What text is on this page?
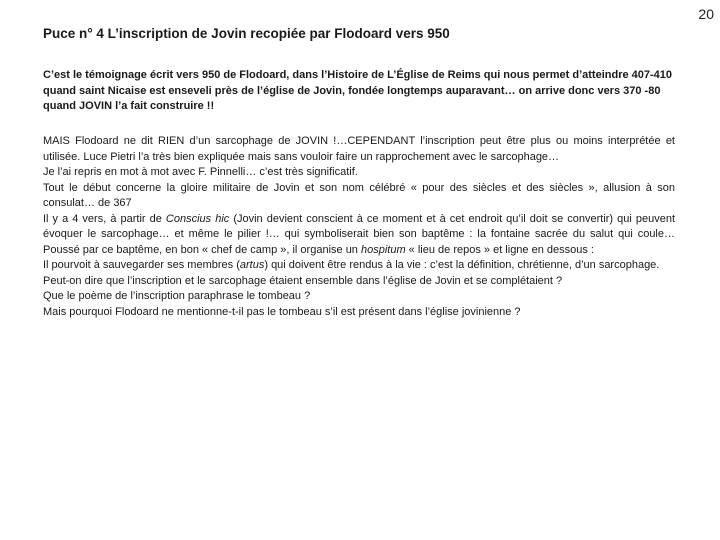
20
Puce n° 4 L’inscription de Jovin recopiée par Flodoard vers 950
C’est le témoignage écrit vers 950 de Flodoard, dans l’Histoire de L’Église de Reims qui nous permet d’atteindre 407-410 quand saint Nicaise est enseveli près de l’église de Jovin, fondée longtemps auparavant… on arrive donc vers 370 -80 quand JOVIN l’a fait construire !!

MAIS Flodoard ne dit RIEN d’un sarcophage de JOVIN !…CEPENDANT l’inscription peut être plus ou moins interprétée et utilisée. Luce Pietri l’a très bien expliquée mais sans vouloir faire un rapprochement avec le sarcophage…

Je l’ai repris en mot à mot avec F. Pinnelli… c’est très significatif.

Tout le début concerne la gloire militaire de Jovin et son nom célébré « pour des siècles et des siècles », allusion à son consulat… de 367

Il y a 4 vers, à partir de Conscius hic (Jovin devient conscient à ce moment et à cet endroit qu’il doit se convertir) qui peuvent évoquer le sarcophage… et même le pilier !… qui symboliserait bien son baptême : la fontaine sacrée du salut qui coule… Poussé par ce baptême, en bon « chef de camp », il organise un hospitum « lieu de repos » et ligne en dessous :

Il pourvoit à sauvegarder ses membres (artus) qui doivent être rendus à la vie : c’est la définition, chrétienne, d’un sarcophage.

Peut-on dire que l’inscription et le sarcophage étaient ensemble dans l’église de Jovin et se complétaient ?

Que le poème de l’inscription paraphrase le tombeau ?

Mais pourquoi Flodoard ne mentionne-t-il pas le tombeau s’il est présent dans l’église jovinienne ?
